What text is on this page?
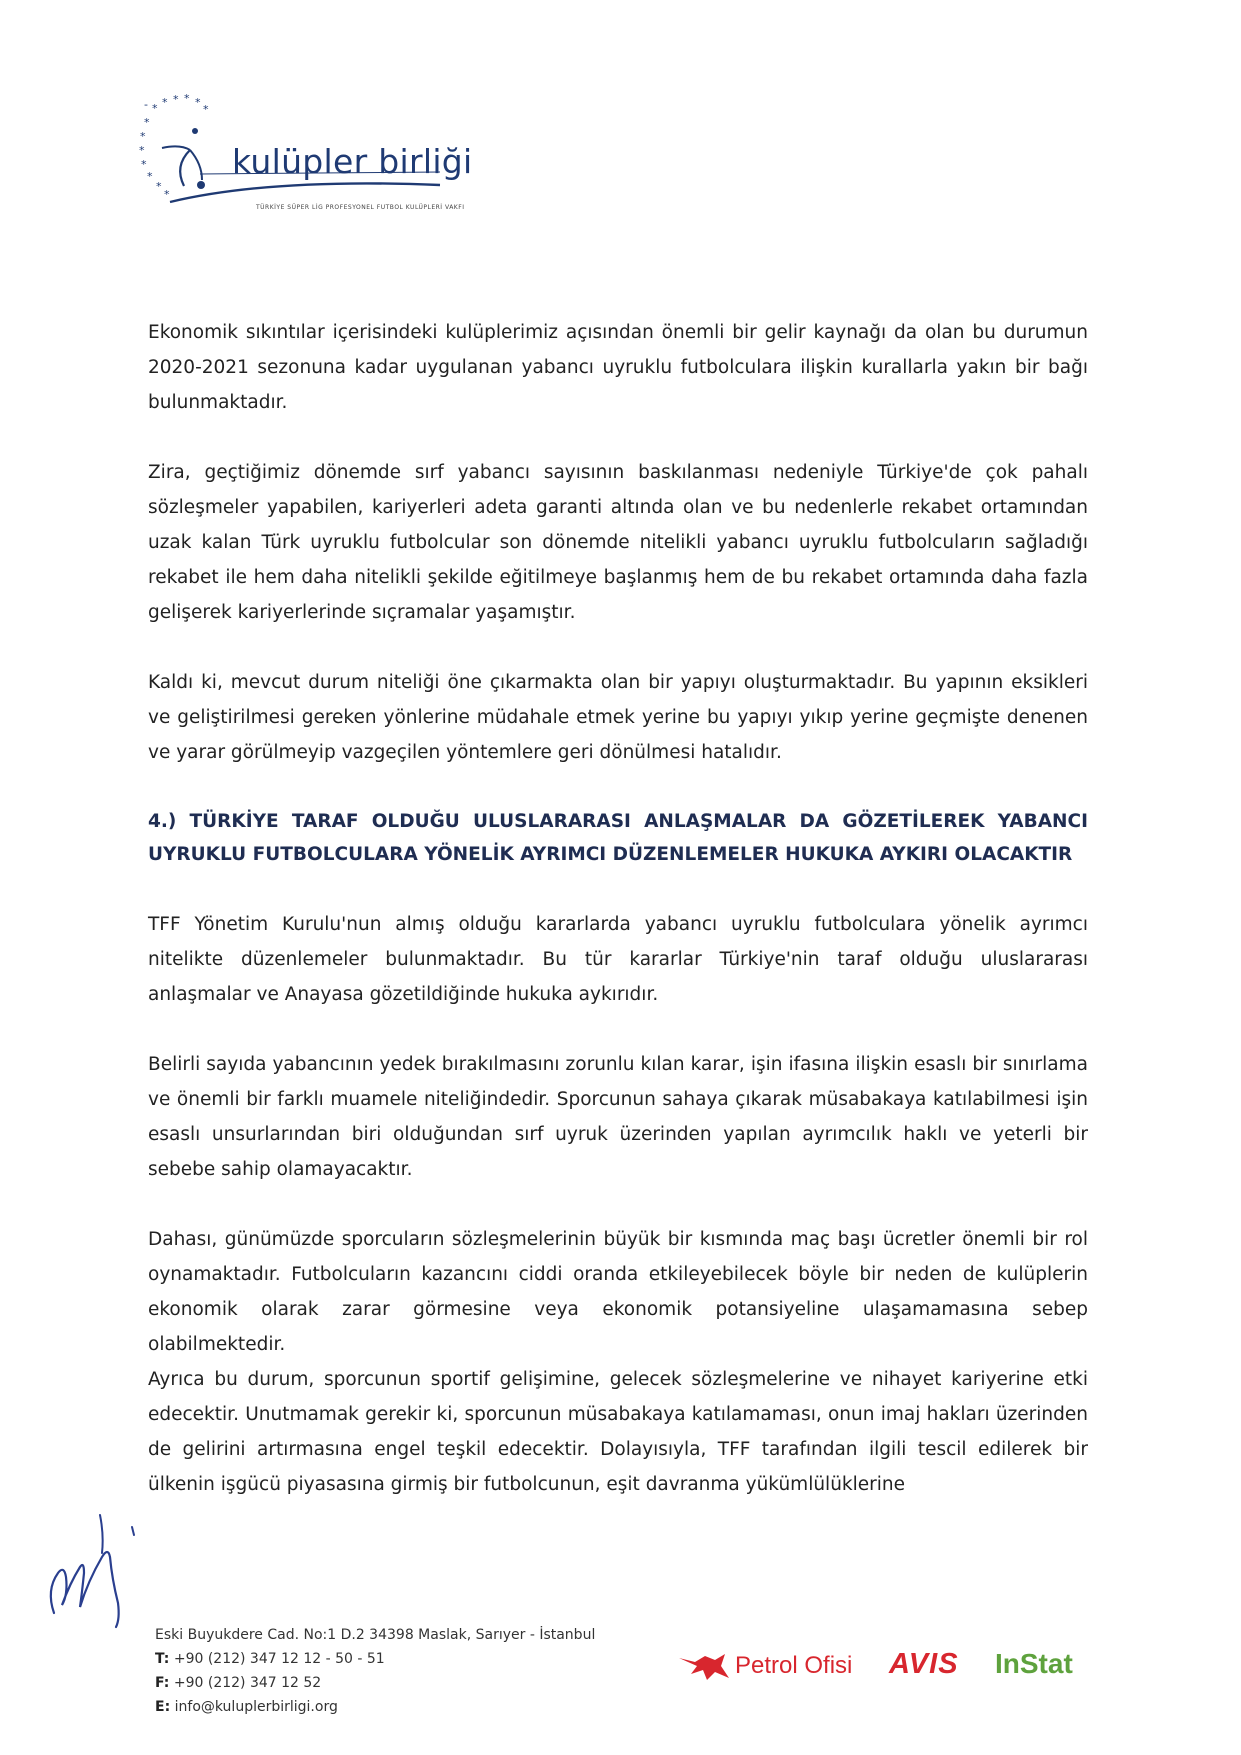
- * * * * *
*
*
*
*
*
*
*
*
kulüpler birliği
TÜRKİYE SÜPER LİG PROFESYONEL FUTBOL KULÜPLERİ VAKFI

Ekonomik sıkıntılar içerisindeki kulüplerimiz açısından önemli bir gelir kaynağı da olan bu durumun 2020-2021 sezonuna kadar uygulanan yabancı uyruklu futbolculara ilişkin kurallarla yakın bir bağı bulunmaktadır.

Zira, geçtiğimiz dönemde sırf yabancı sayısının baskılanması nedeniyle Türkiye'de çok pahalı sözleşmeler yapabilen, kariyerleri adeta garanti altında olan ve bu nedenlerle rekabet ortamından uzak kalan Türk uyruklu futbolcular son dönemde nitelikli yabancı uyruklu futbolcuların sağladığı rekabet ile hem daha nitelikli şekilde eğitilmeye başlanmış hem de bu rekabet ortamında daha fazla gelişerek kariyerlerinde sıçramalar yaşamıştır.

Kaldı ki, mevcut durum niteliği öne çıkarmakta olan bir yapıyı oluşturmaktadır. Bu yapının eksikleri ve geliştirilmesi gereken yönlerine müdahale etmek yerine bu yapıyı yıkıp yerine geçmişte denenen ve yarar görülmeyip vazgeçilen yöntemlere geri dönülmesi hatalıdır.

4.) TÜRKİYE TARAF OLDUĞU ULUSLARARASI ANLAŞMALAR DA GÖZETİLEREK YABANCI UYRUKLU FUTBOLCULARA YÖNELİK AYRIMCI DÜZENLEMELER HUKUKA AYKIRI OLACAKTIR

TFF Yönetim Kurulu'nun almış olduğu kararlarda yabancı uyruklu futbolculara yönelik ayrımcı nitelikte düzenlemeler bulunmaktadır. Bu tür kararlar Türkiye'nin taraf olduğu uluslararası anlaşmalar ve Anayasa gözetildiğinde hukuka aykırıdır.

Belirli sayıda yabancının yedek bırakılmasını zorunlu kılan karar, işin ifasına ilişkin esaslı bir sınırlama ve önemli bir farklı muamele niteliğindedir. Sporcunun sahaya çıkarak müsabakaya katılabilmesi işin esaslı unsurlarından biri olduğundan sırf uyruk üzerinden yapılan ayrımcılık haklı ve yeterli bir sebebe sahip olamayacaktır.

Dahası, günümüzde sporcuların sözleşmelerinin büyük bir kısmında maç başı ücretler önemli bir rol oynamaktadır. Futbolcuların kazancını ciddi oranda etkileyebilecek böyle bir neden de kulüplerin ekonomik olarak zarar görmesine veya ekonomik potansiyeline ulaşamamasına sebep olabilmektedir.

Ayrıca bu durum, sporcunun sportif gelişimine, gelecek sözleşmelerine ve nihayet kariyerine etki edecektir. Unutmamak gerekir ki, sporcunun müsabakaya katılamaması, onun imaj hakları üzerinden de gelirini artırmasına engel teşkil edecektir. Dolayısıyla, TFF tarafından ilgili tescil edilerek bir ülkenin işgücü piyasasına girmiş bir futbolcunun, eşit davranma yükümlülüklerine

Eski Buyukdere Cad. No:1 D.2 34398 Maslak, Sarıyer - İstanbul
T: +90 (212) 347 12 12 - 50 - 51
F: +90 (212) 347 12 52
E: info@kuluplerbirligi.org
Petrol Ofisi AVIS InStat
